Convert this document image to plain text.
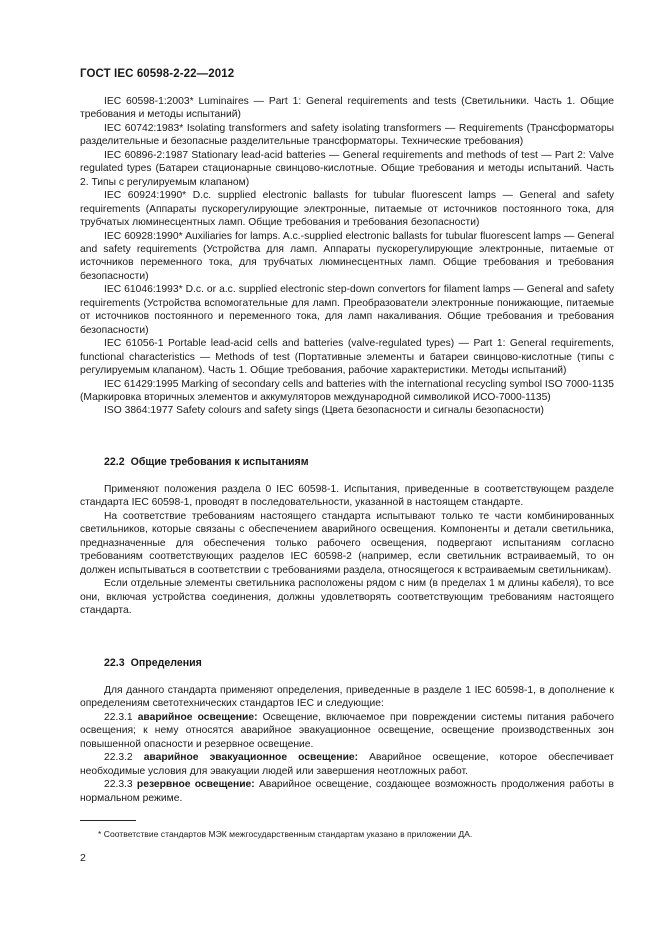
ГОСТ IEC 60598-2-22—2012

IEC 60598-1:2003* Luminaires — Part 1: General requirements and tests (Светильники. Часть 1. Общие требования и методы испытаний)

IEC 60742:1983* Isolating transformers and safety isolating transformers — Requirements (Трансформаторы разделительные и безопасные разделительные трансформаторы. Технические требования)

IEC 60896-2:1987 Stationary lead-acid batteries — General requirements and methods of test — Part 2: Valve regulated types (Батареи стационарные свинцово-кислотные. Общие требования и методы испытаний. Часть 2. Типы с регулируемым клапаном)

IEC 60924:1990* D.c. supplied electronic ballasts for tubular fluorescent lamps — General and safety requirements (Аппараты пускорегулирующие электронные, питаемые от источников постоянного тока, для трубчатых люминесцентных ламп. Общие требования и требования безопасности)

IEC 60928:1990* Auxiliaries for lamps. A.c.-supplied electronic ballasts for tubular fluorescent lamps — General and safety requirements (Устройства для ламп. Аппараты пускорегулирующие электронные, питаемые от источников переменного тока, для трубчатых люминесцентных ламп. Общие требования и требования безопасности)

IEC 61046:1993* D.c. or a.c. supplied electronic step-down convertors for filament lamps — General and safety requirements (Устройства вспомогательные для ламп. Преобразователи электронные понижающие, питаемые от источников постоянного и переменного тока, для ламп накаливания. Общие требования и требования безопасности)

IEC 61056-1 Portable lead-acid cells and batteries (valve-regulated types) — Part 1: General requirements, functional characteristics — Methods of test (Портативные элементы и батареи свинцово-кислотные (типы с регулируемым клапаном). Часть 1. Общие требования, рабочие характеристики. Методы испытаний)

IEC 61429:1995 Marking of secondary cells and batteries with the international recycling symbol ISO 7000-1135 (Маркировка вторичных элементов и аккумуляторов международной символикой ИСО-7000-1135)

ISO 3864:1977 Safety colours and safety sings (Цвета безопасности и сигналы безопасности)

22.2 Общие требования к испытаниям

Применяют положения раздела 0 IEC 60598-1. Испытания, приведенные в соответствующем разделе стандарта IEC 60598-1, проводят в последовательности, указанной в настоящем стандарте.

На соответствие требованиям настоящего стандарта испытывают только те части комбинированных светильников, которые связаны с обеспечением аварийного освещения. Компоненты и детали светильника, предназначенные для обеспечения только рабочего освещения, подвергают испытаниям согласно требованиям соответствующих разделов IEC 60598-2 (например, если светильник встраиваемый, то он должен испытываться в соответствии с требованиями раздела, относящегося к встраиваемым светильникам).

Если отдельные элементы светильника расположены рядом с ним (в пределах 1 м длины кабеля), то все они, включая устройства соединения, должны удовлетворять соответствующим требованиям настоящего стандарта.

22.3 Определения

Для данного стандарта применяют определения, приведенные в разделе 1 IEC 60598-1, в дополнение к определениям светотехнических стандартов IEC и следующие:

22.3.1 аварийное освещение: Освещение, включаемое при повреждении системы питания рабочего освещения; к нему относятся аварийное эвакуационное освещение, освещение производственных зон повышенной опасности и резервное освещение.

22.3.2 аварийное эвакуационное освещение: Аварийное освещение, которое обеспечивает необходимые условия для эвакуации людей или завершения неотложных работ.

22.3.3 резервное освещение: Аварийное освещение, создающее возможность продолжения работы в нормальном режиме.

* Соответствие стандартов МЭК межгосударственным стандартам указано в приложении ДА.
2
